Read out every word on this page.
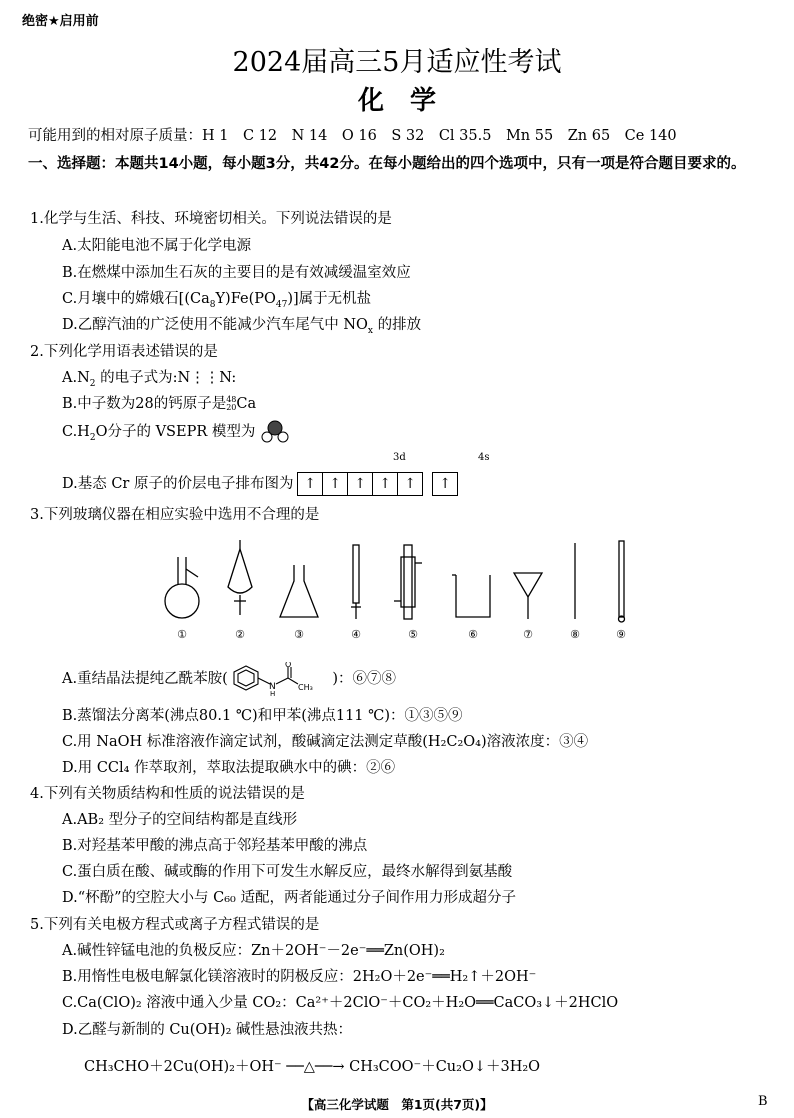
绝密★启用前
2024届高三5月适应性考试
化学
可能用到的相对原子质量：H 1　C 12　N 14　O 16　S 32　Cl 35.5　Mn 55　Zn 65　Ce 140
一、选择题：本题共14小题，每小题3分，共42分。在每小题给出的四个选项中，只有一项是符合题目要求的。
1.化学与生活、科技、环境密切相关。下列说法错误的是
A.太阳能电池不属于化学电源
B.在燃煤中添加生石灰的主要目的是有效减缓温室效应
C.月壤中的嫦娥石$[(Ca_8Y)Fe(PO_{47})]$属于无机盐
D.乙醇汽油的广泛使用不能减少汽车尾气中 $NO_x$ 的排放
2.下列化学用语表述错误的是
$A.N_2$ 的电子式为:N⋮⋮N:
B.中子数为28的钙原子是 48
20 Ca
$C.H_2O$分子的 VSEPR 模型为
3d	4s
D.基态 Cr 原子的价层电子排布图为 ↑ ↑ ↑ ↑ ↑ ↑
3.下列玻璃仪器在相应实验中选用不合理的是
①	②	③	④	⑤	⑥	⑦	⑧	⑨
A.重结晶法提纯乙酰苯胺(	N
H
O
CH₃
)：⑥⑦⑧
B.蒸馏法分离苯(沸点80.1 ℃)和甲苯(沸点111 ℃)：①③⑤⑨
C.用 NaOH 标准溶液作滴定试剂，酸碱滴定法测定草酸(H₂C₂O₄)溶液浓度：③④
D.用 CCl₄ 作萃取剂，萃取法提取碘水中的碘：②⑥
4.下列有关物质结构和性质的说法错误的是
A.AB₂ 型分子的空间结构都是直线形
B.对羟基苯甲酸的沸点高于邻羟基苯甲酸的沸点
C.蛋白质在酸、碱或酶的作用下可发生水解反应，最终水解得到氨基酸
D.“杯酚”的空腔大小与 C₆₀ 适配，两者能通过分子间作用力形成超分子
5.下列有关电极方程式或离子方程式错误的是
A.碱性锌锰电池的负极反应：Zn＋2OH⁻－2e⁻══Zn(OH)₂
B.用惰性电极电解氯化镁溶液时的阴极反应：2H₂O＋2e⁻══H₂↑＋2OH⁻
C.Ca(ClO)₂ 溶液中通入少量 CO₂：Ca²⁺＋2ClO⁻＋CO₂＋H₂O══CaCO₃↓＋2HClO
D.乙醛与新制的 Cu(OH)₂ 碱性悬浊液共热：
CH₃CHO＋2Cu(OH)₂＋OH⁻ ──△──→ CH₃COO⁻＋Cu₂O↓＋3H₂O
【高三化学试题　第1页(共7页)】	B
